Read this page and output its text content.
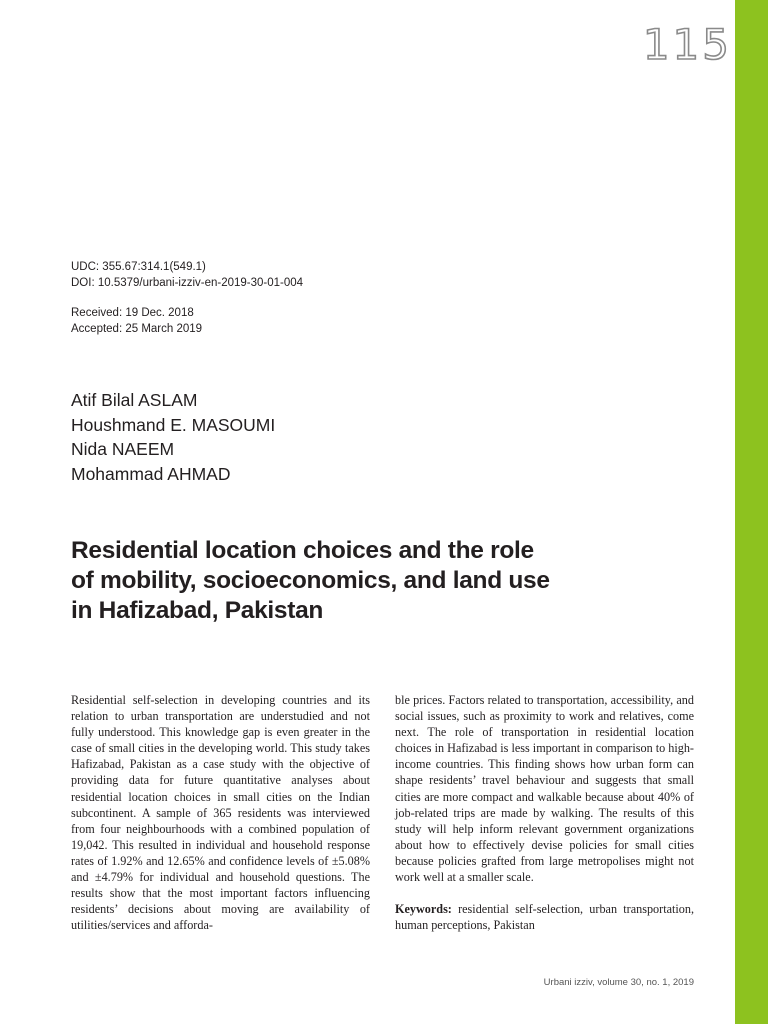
115
UDC: 355.67:314.1(549.1)
DOI: 10.5379/urbani-izziv-en-2019-30-01-004
Received: 19 Dec. 2018
Accepted: 25 March 2019
Atif Bilal ASLAM
Houshmand E. MASOUMI
Nida NAEEM
Mohammad AHMAD
Residential location choices and the role
of mobility, socioeconomics, and land use
in Hafizabad, Pakistan

Residential self-selection in developing countries and its relation to urban transportation are understudied and not fully understood. This knowledge gap is even greater in the case of small cities in the developing world. This study takes Hafizabad, Pakistan as a case study with the objective of providing data for future quantitative analyses about residential location choices in small cities on the Indian subcontinent. A sample of 365 residents was interviewed from four neighbourhoods with a combined population of 19,042. This resulted in individual and household response rates of 1.92% and 12.65% and confidence levels of ±5.08% and ±4.79% for individual and household questions. The results show that the most important factors influencing residents’ decisions about moving are availability of utilities/services and afforda-

ble prices. Factors related to transportation, accessibility, and social issues, such as proximity to work and relatives, come next. The role of transportation in residential location choices in Hafizabad is less important in comparison to high-income countries. This finding shows how urban form can shape residents’ travel behaviour and suggests that small cities are more compact and walkable because about 40% of job-related trips are made by walking. The results of this study will help inform relevant government organizations about how to effectively devise policies for small cities because policies grafted from large metropolises might not work well at a smaller scale.

Keywords: residential self-selection, urban transportation, human perceptions, Pakistan

Urbani izziv, volume 30, no. 1, 2019
